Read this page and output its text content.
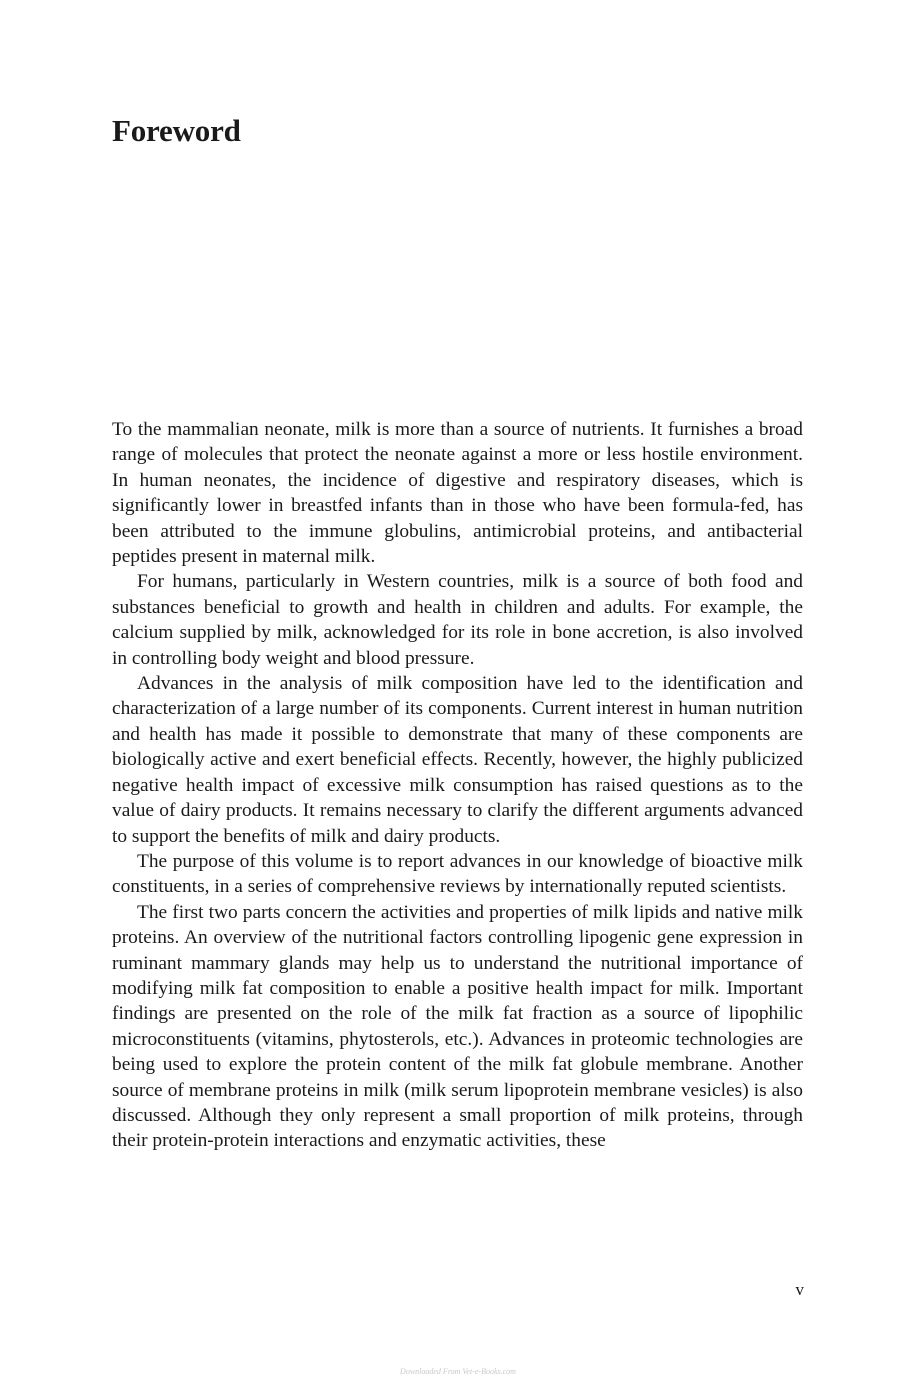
Foreword

To the mammalian neonate, milk is more than a source of nutrients. It furnishes a broad range of molecules that protect the neonate against a more or less hostile environment. In human neonates, the incidence of digestive and respiratory diseases, which is significantly lower in breastfed infants than in those who have been formula-fed, has been attributed to the immune globulins, antimicrobial proteins, and antibacterial peptides present in maternal milk.

For humans, particularly in Western countries, milk is a source of both food and substances beneficial to growth and health in children and adults. For example, the calcium supplied by milk, acknowledged for its role in bone accretion, is also involved in controlling body weight and blood pressure.

Advances in the analysis of milk composition have led to the identification and characterization of a large number of its components. Current interest in human nutrition and health has made it possible to demonstrate that many of these components are biologically active and exert beneficial effects. Recently, however, the highly publicized negative health impact of excessive milk consumption has raised questions as to the value of dairy products. It remains necessary to clarify the different arguments advanced to support the benefits of milk and dairy products.

The purpose of this volume is to report advances in our knowledge of bioactive milk constituents, in a series of comprehensive reviews by internationally reputed scientists.

The first two parts concern the activities and properties of milk lipids and native milk proteins. An overview of the nutritional factors controlling lipogenic gene expression in ruminant mammary glands may help us to understand the nutritional importance of modifying milk fat composition to enable a positive health impact for milk. Important findings are presented on the role of the milk fat fraction as a source of lipophilic microconstituents (vitamins, phytosterols, etc.). Advances in proteomic technologies are being used to explore the protein content of the milk fat globule membrane. Another source of membrane proteins in milk (milk serum lipoprotein membrane vesicles) is also discussed. Although they only represent a small proportion of milk proteins, through their protein-protein interactions and enzymatic activities, these

v
Downloaded From Vet-e-Books.com
